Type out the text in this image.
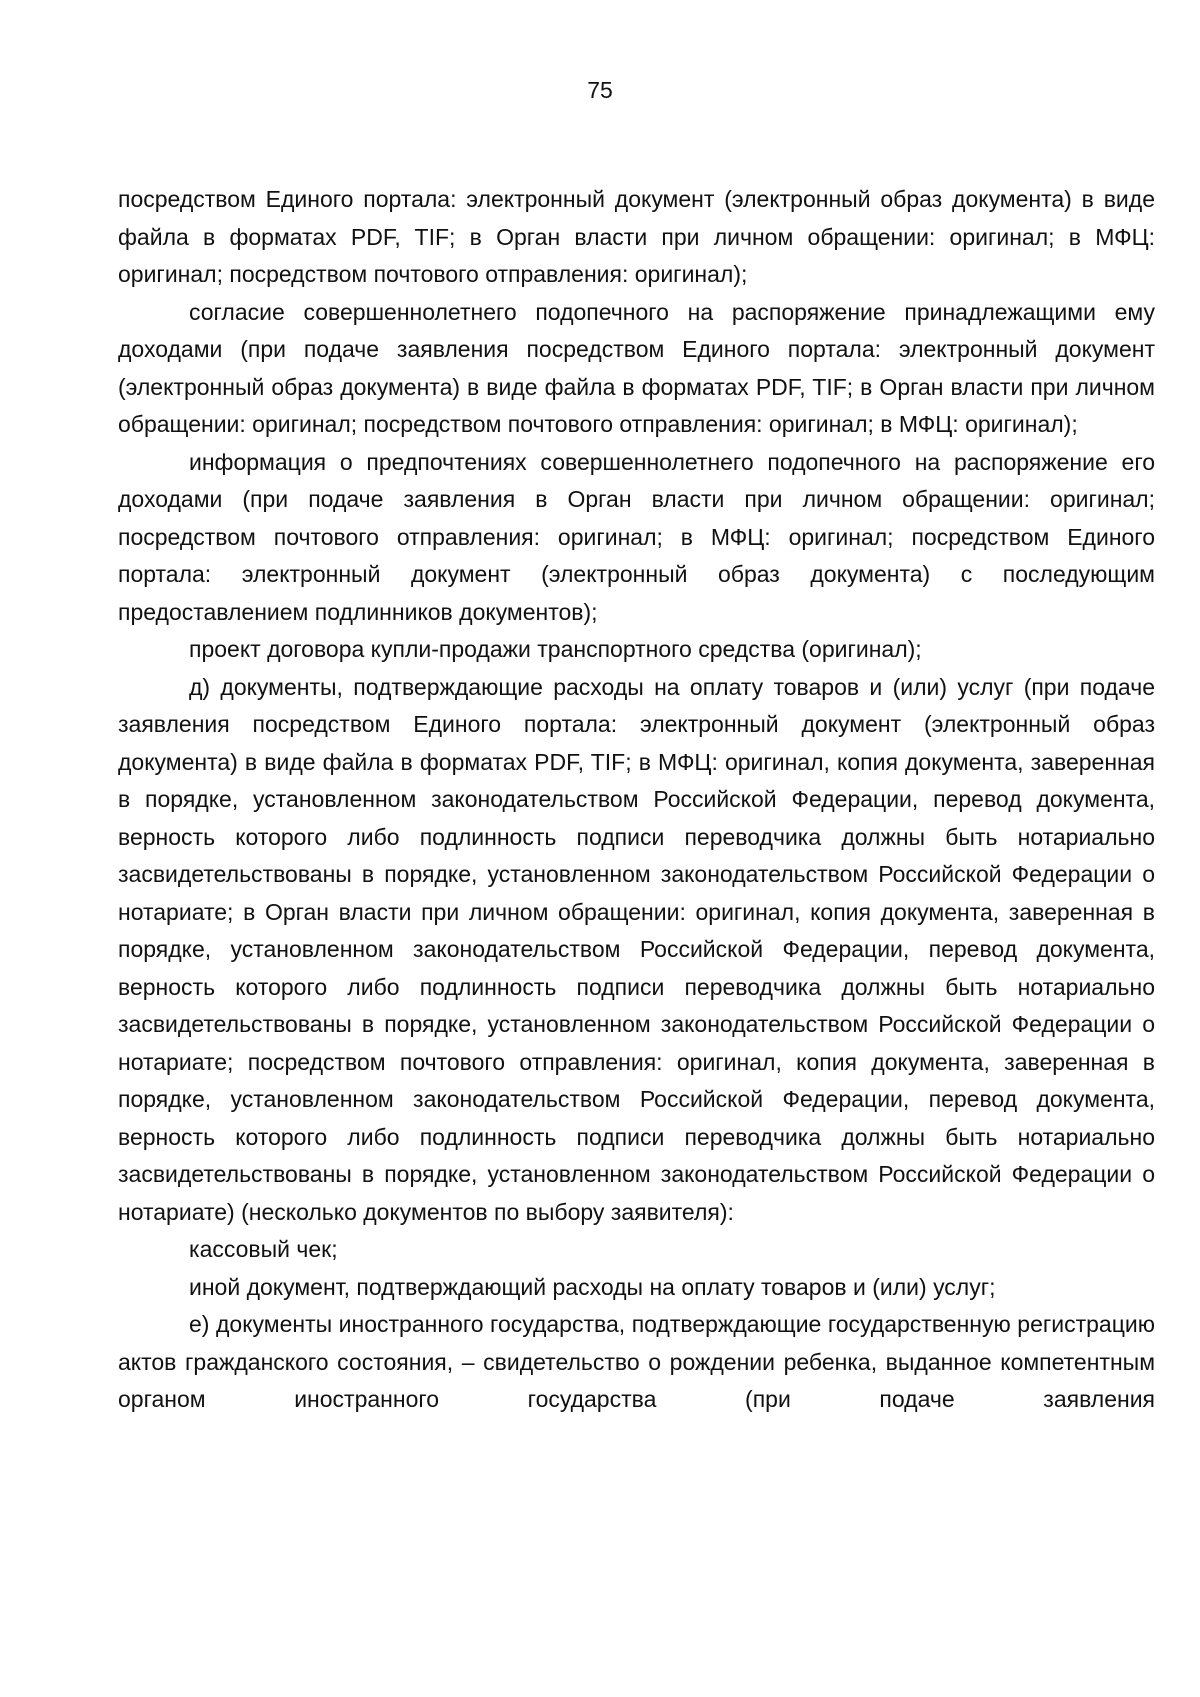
75

посредством Единого портала: электронный документ (электронный образ документа) в виде файла в форматах PDF, TIF; в Орган власти при личном обращении: оригинал; в МФЦ: оригинал; посредством почтового отправления: оригинал);

согласие совершеннолетнего подопечного на распоряжение принадлежащими ему доходами (при подаче заявления посредством Единого портала: электронный документ (электронный образ документа) в виде файла в форматах PDF, TIF; в Орган власти при личном обращении: оригинал; посредством почтового отправления: оригинал; в МФЦ: оригинал);

информация о предпочтениях совершеннолетнего подопечного на распоряжение его доходами (при подаче заявления в Орган власти при личном обращении: оригинал; посредством почтового отправления: оригинал; в МФЦ: оригинал; посредством Единого портала: электронный документ (электронный образ документа) с последующим предоставлением подлинников документов);

проект договора купли-продажи транспортного средства (оригинал);

д) документы, подтверждающие расходы на оплату товаров и (или) услуг (при подаче заявления посредством Единого портала: электронный документ (электронный образ документа) в виде файла в форматах PDF, TIF; в МФЦ: оригинал, копия документа, заверенная в порядке, установленном законодательством Российской Федерации, перевод документа, верность которого либо подлинность подписи переводчика должны быть нотариально засвидетельствованы в порядке, установленном законодательством Российской Федерации о нотариате; в Орган власти при личном обращении: оригинал, копия документа, заверенная в порядке, установленном законодательством Российской Федерации, перевод документа, верность которого либо подлинность подписи переводчика должны быть нотариально засвидетельствованы в порядке, установленном законодательством Российской Федерации о нотариате; посредством почтового отправления: оригинал, копия документа, заверенная в порядке, установленном законодательством Российской Федерации, перевод документа, верность которого либо подлинность подписи переводчика должны быть нотариально засвидетельствованы в порядке, установленном законодательством Российской Федерации о нотариате) (несколько документов по выбору заявителя):

кассовый чек;

иной документ, подтверждающий расходы на оплату товаров и (или) услуг;

е) документы иностранного государства, подтверждающие государственную регистрацию актов гражданского состояния, – свидетельство о рождении ребенка, выданное компетентным органом иностранного государства (при подаче заявления
